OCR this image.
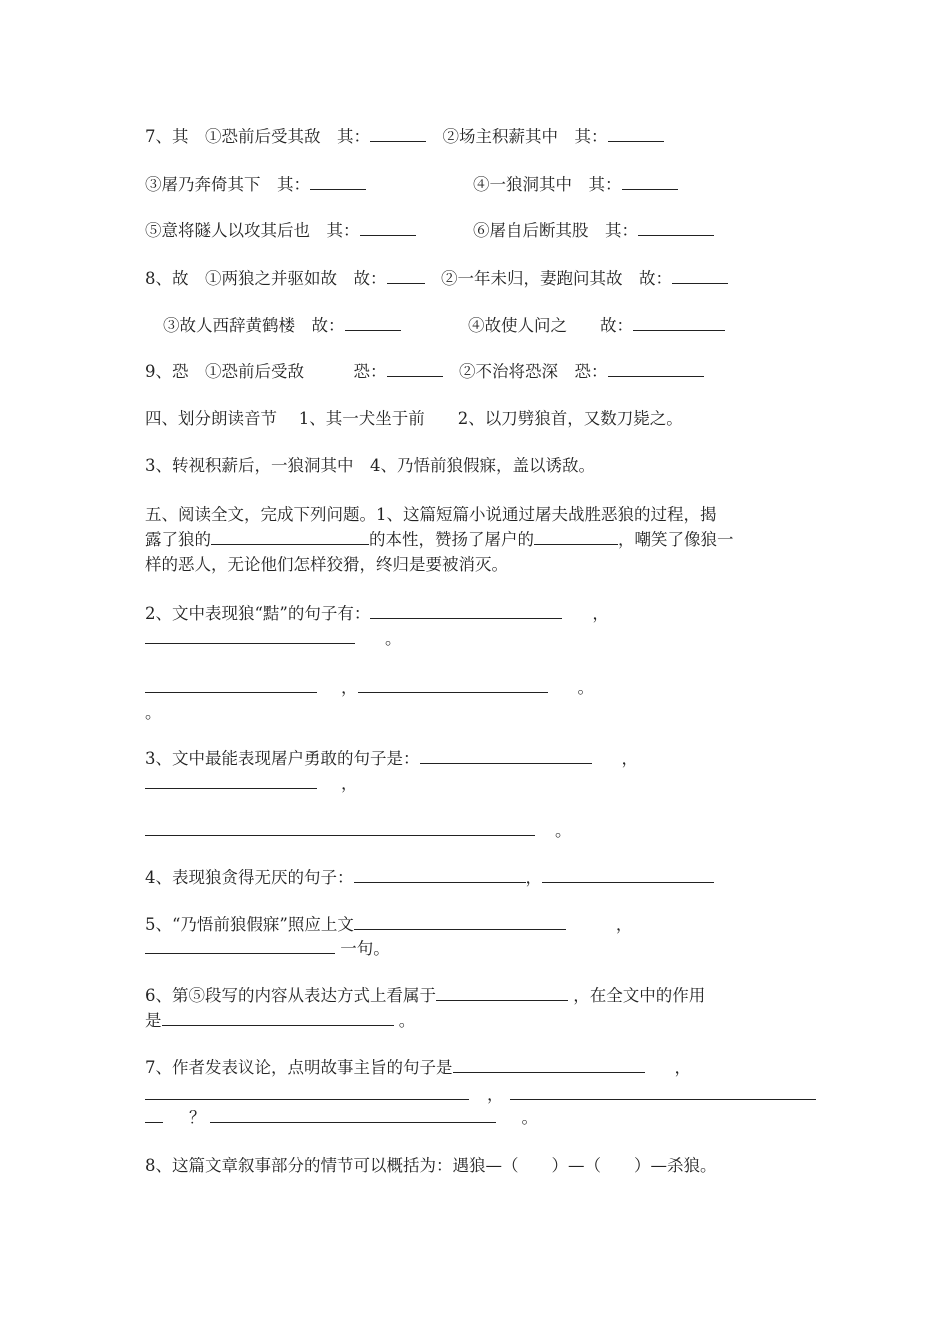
7、其　①恐前后受其敌　其：	　②场主积薪其中　其：
③屠乃奔倚其下　其：	④一狼洞其中　其：
⑤意将隧人以攻其后也　其：	⑥屠自后断其股　其：
8、故　①两狼之并驱如故　故：　②一年未归，妻跑问其故　故：
③故人西辞黄鹤楼　故：	④故使人问之　　故：
9、恐　①恐前后受敌　　　恐：	　②不治将恐深　恐：
四、划分朗读音节　 1、其一犬坐于前　　2、以刀劈狼首，又数刀毙之。
3、转视积薪后，一狼洞其中　4、乃悟前狼假寐，盖以诱敌。
五、阅读全文，完成下列问题。1、这篇短篇小说通过屠夫战胜恶狼的过程，揭
露了狼的	的本性，赞扬了屠户的	，嘲笑了像狼一
样的恶人，无论他们怎样狡猾，终归是要被消灭。
2、文中表现狼“黠”的句子有：	，
。
，	。
。
3、文中最能表现屠户勇敢的句子是：	，
，
。
4、表现狼贪得无厌的句子：	，
5、“乃悟前狼假寐”照应上文	，
一句。
6、第⑤段写的内容从表达方式上看属于	，在全文中的作用
是	。
7、作者发表议论，点明故事主旨的句子是	，
，
？	。
8、这篇文章叙事部分的情节可以概括为：遇狼—（　　）—（　　）—杀狼。
